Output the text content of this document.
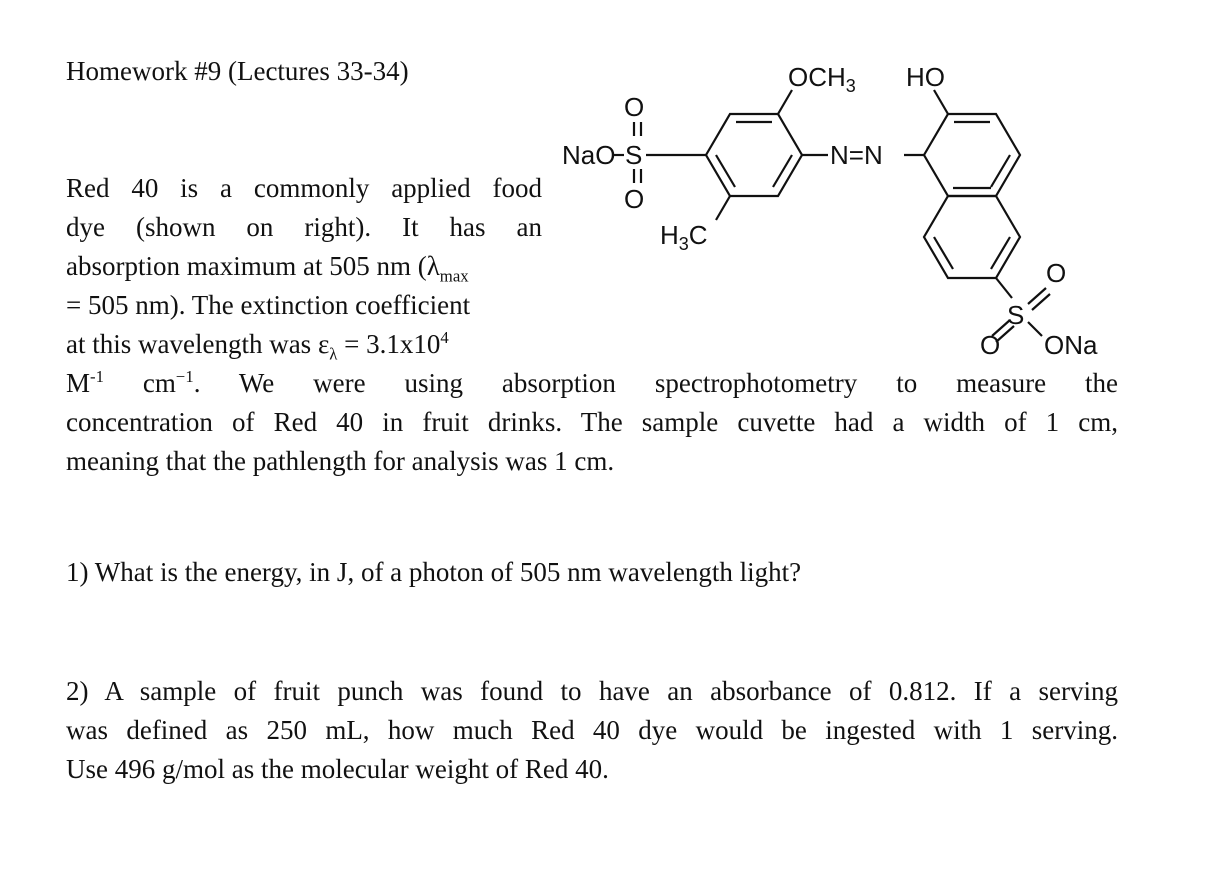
Homework #9 (Lectures 33-34)
Red 40 is a commonly applied food
dye (shown on right). It has an
absorption maximum at 505 nm ($\lambda_{max}$
= 505 nm). The extinction coefficient
at this wavelength was $\varepsilon_\lambda = 3.1x10^4$
$M^{-1}$ $cm^{-1}$. We were using absorption spectrophotometry to measure the
concentration of Red 40 in fruit drinks. The sample cuvette had a width of 1 cm,
meaning that the pathlength for analysis was 1 cm.
NaO S
O
O
$OCH_3$
$H_3C$
N=N
HO
S
O
O ONa
1) What is the energy, in J, of a photon of 505 nm wavelength light?
2) A sample of fruit punch was found to have an absorbance of 0.812. If a serving
was defined as 250 mL, how much Red 40 dye would be ingested with 1 serving.
Use 496 g/mol as the molecular weight of Red 40.
